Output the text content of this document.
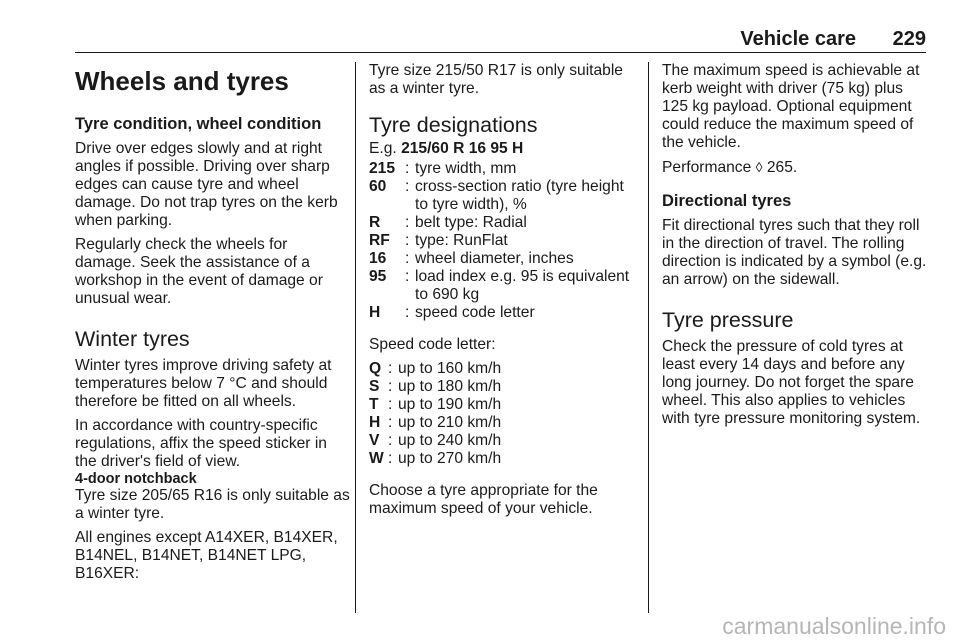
Vehicle care 229
Wheels and tyres
Tyre condition, wheel condition

Drive over edges slowly and at right angles if possible. Driving over sharp edges can cause tyre and wheel damage. Do not trap tyres on the kerb when parking.

Regularly check the wheels for damage. Seek the assistance of a workshop in the event of damage or unusual wear.

Winter tyres

Winter tyres improve driving safety at temperatures below 7 °C and should therefore be fitted on all wheels.

In accordance with country-specific regulations, affix the speed sticker in the driver's field of view.

4-door notchback

Tyre size 205/65 R16 is only suitable as a winter tyre.

All engines except A14XER, B14XER, B14NEL, B14NET, B14NET LPG, B16XER:

Tyre size 215/50 R17 is only suitable as a winter tyre.

Tyre designations

E.g. 215/60 R 16 95 H

215 : tyre width, mm
60	: cross-section ratio (tyre height to tyre width), %
R	: belt type: Radial
RF : type: RunFlat
16	: wheel diameter, inches
95	: load index e.g. 95 is equivalent to 690 kg
H	: speed code letter

Speed code letter:

Q : up to 160 km/h
S : up to 180 km/h
T : up to 190 km/h
H : up to 210 km/h
V : up to 240 km/h
W : up to 270 km/h

Choose a tyre appropriate for the maximum speed of your vehicle.

The maximum speed is achievable at kerb weight with driver (75 kg) plus 125 kg payload. Optional equipment could reduce the maximum speed of the vehicle.

Performance ◊ 265.

Directional tyres

Fit directional tyres such that they roll in the direction of travel. The rolling direction is indicated by a symbol (e.g. an arrow) on the sidewall.

Tyre pressure

Check the pressure of cold tyres at least every 14 days and before any long journey. Do not forget the spare wheel. This also applies to vehicles with tyre pressure monitoring system.

carmanualsonline.info
